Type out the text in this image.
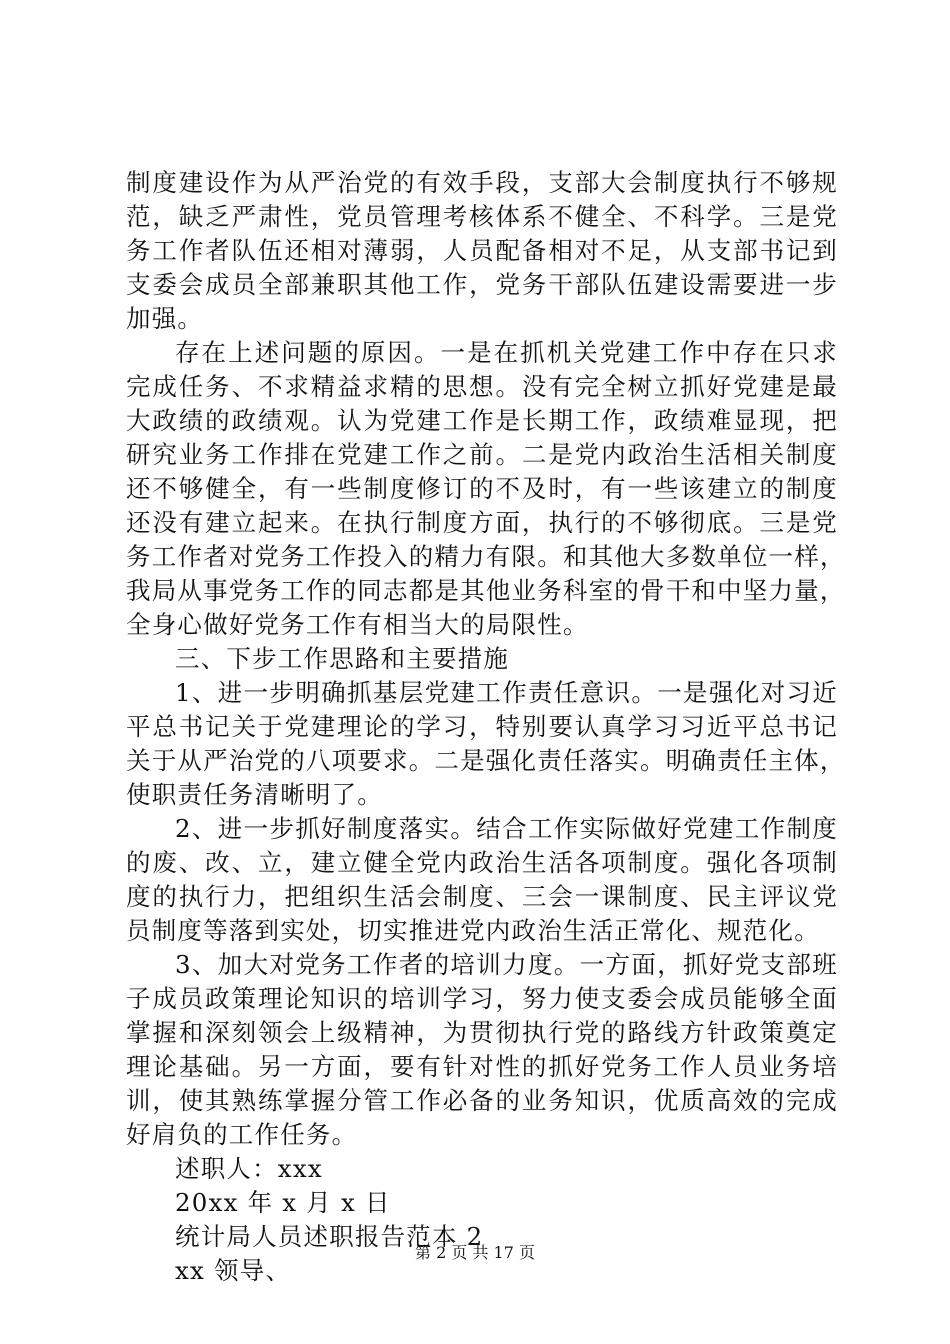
制度建设作为从严治党的有效手段，支部大会制度执行不够规
范，缺乏严肃性，党员管理考核体系不健全、不科学。三是党
务工作者队伍还相对薄弱，人员配备相对不足，从支部书记到
支委会成员全部兼职其他工作，党务干部队伍建设需要进一步
加强。
存在上述问题的原因。一是在抓机关党建工作中存在只求
完成任务、不求精益求精的思想。没有完全树立抓好党建是最
大政绩的政绩观。认为党建工作是长期工作，政绩难显现，把
研究业务工作排在党建工作之前。二是党内政治生活相关制度
还不够健全，有一些制度修订的不及时，有一些该建立的制度
还没有建立起来。在执行制度方面，执行的不够彻底。三是党
务工作者对党务工作投入的精力有限。和其他大多数单位一样，
我局从事党务工作的同志都是其他业务科室的骨干和中坚力量，
全身心做好党务工作有相当大的局限性。
三、下步工作思路和主要措施
1、进一步明确抓基层党建工作责任意识。一是强化对习近
平总书记关于党建理论的学习，特别要认真学习习近平总书记
关于从严治党的八项要求。二是强化责任落实。明确责任主体，
使职责任务清晰明了。
2、进一步抓好制度落实。结合工作实际做好党建工作制度
的废、改、立，建立健全党内政治生活各项制度。强化各项制
度的执行力，把组织生活会制度、三会一课制度、民主评议党
员制度等落到实处，切实推进党内政治生活正常化、规范化。
3、加大对党务工作者的培训力度。一方面，抓好党支部班
子成员政策理论知识的培训学习，努力使支委会成员能够全面
掌握和深刻领会上级精神，为贯彻执行党的路线方针政策奠定
理论基础。另一方面，要有针对性的抓好党务工作人员业务培
训，使其熟练掌握分管工作必备的业务知识，优质高效的完成
好肩负的工作任务。
述职人：xxx
20xx 年 x 月 x 日
统计局人员述职报告范本 2
xx 领导、
第 2 页 共 17 页
